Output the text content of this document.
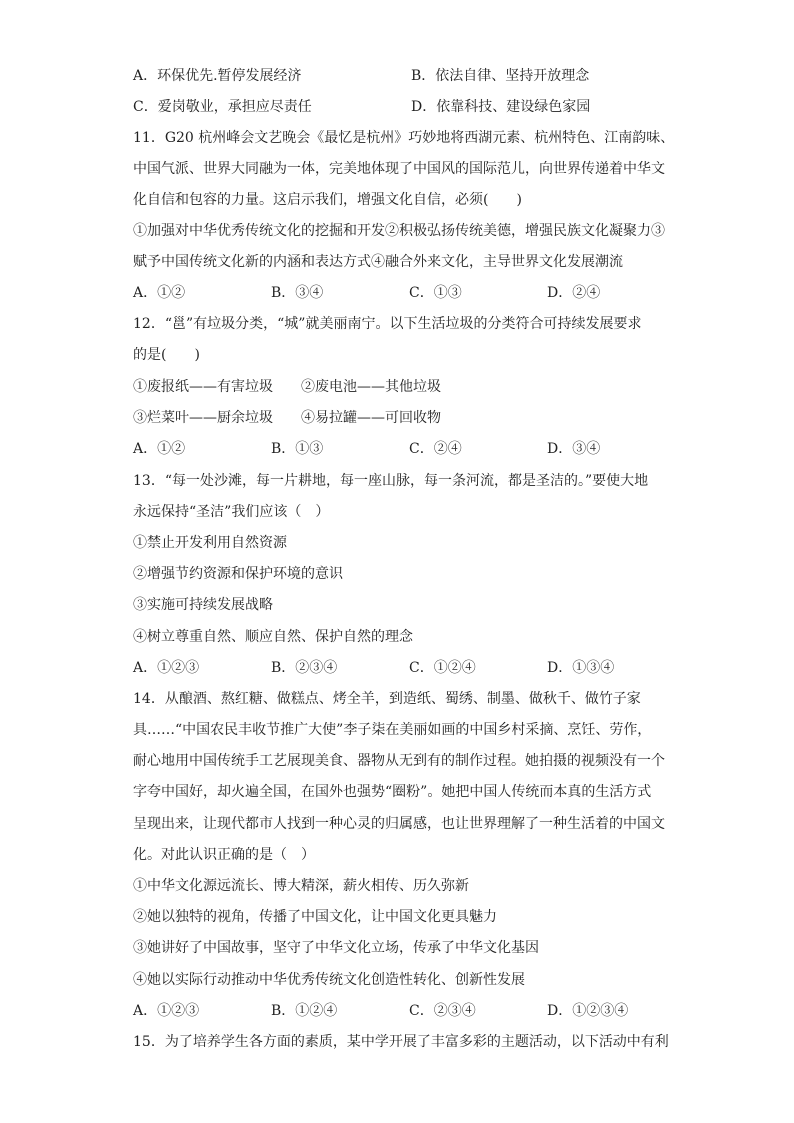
A．环保优先.暂停发展经济	B．依法自律、坚持开放理念
C．爱岗敬业，承担应尽责任	D．依靠科技、建设绿色家园
11．G20 杭州峰会文艺晚会《最忆是杭州》巧妙地将西湖元素、杭州特色、江南韵味、
中国气派、世界大同融为一体，完美地体现了中国风的国际范儿，向世界传递着中华文
化自信和包容的力量。这启示我们，增强文化自信，必须(　　)
①加强对中华优秀传统文化的挖掘和开发②积极弘扬传统美德，增强民族文化凝聚力③
赋予中国传统文化新的内涵和表达方式④融合外来文化，主导世界文化发展潮流
A．①②	B．③④	C．①③	D．②④
12．“邕”有垃圾分类，“城”就美丽南宁。以下生活垃圾的分类符合可持续发展要求
的是(　　)
①废报纸——有害垃圾　　②废电池——其他垃圾
③烂菜叶——厨余垃圾　　④易拉罐——可回收物
A．①②	B．①③	C．②④	D．③④
13．“每一处沙滩，每一片耕地，每一座山脉，每一条河流，都是圣洁的。”要使大地
永远保持“圣洁”我们应该（　）
①禁止开发利用自然资源
②增强节约资源和保护环境的意识
③实施可持续发展战略
④树立尊重自然、顺应自然、保护自然的理念
A．①②③	B．②③④	C．①②④	D．①③④
14．从酿酒、熬红糖、做糕点、烤全羊，到造纸、蜀绣、制墨、做秋千、做竹子家
具……“中国农民丰收节推广大使”李子柒在美丽如画的中国乡村采摘、烹饪、劳作，
耐心地用中国传统手工艺展现美食、器物从无到有的制作过程。她拍摄的视频没有一个
字夸中国好，却火遍全国，在国外也强势“圈粉”。她把中国人传统而本真的生活方式
呈现出来，让现代都市人找到一种心灵的归属感，也让世界理解了一种生活着的中国文
化。对此认识正确的是（　）
①中华文化源远流长、博大精深，薪火相传、历久弥新
②她以独特的视角，传播了中国文化，让中国文化更具魅力
③她讲好了中国故事，坚守了中华文化立场，传承了中华文化基因
④她以实际行动推动中华优秀传统文化创造性转化、创新性发展
A．①②③	B．①②④	C．②③④	D．①②③④
15．为了培养学生各方面的素质，某中学开展了丰富多彩的主题活动，以下活动中有利
